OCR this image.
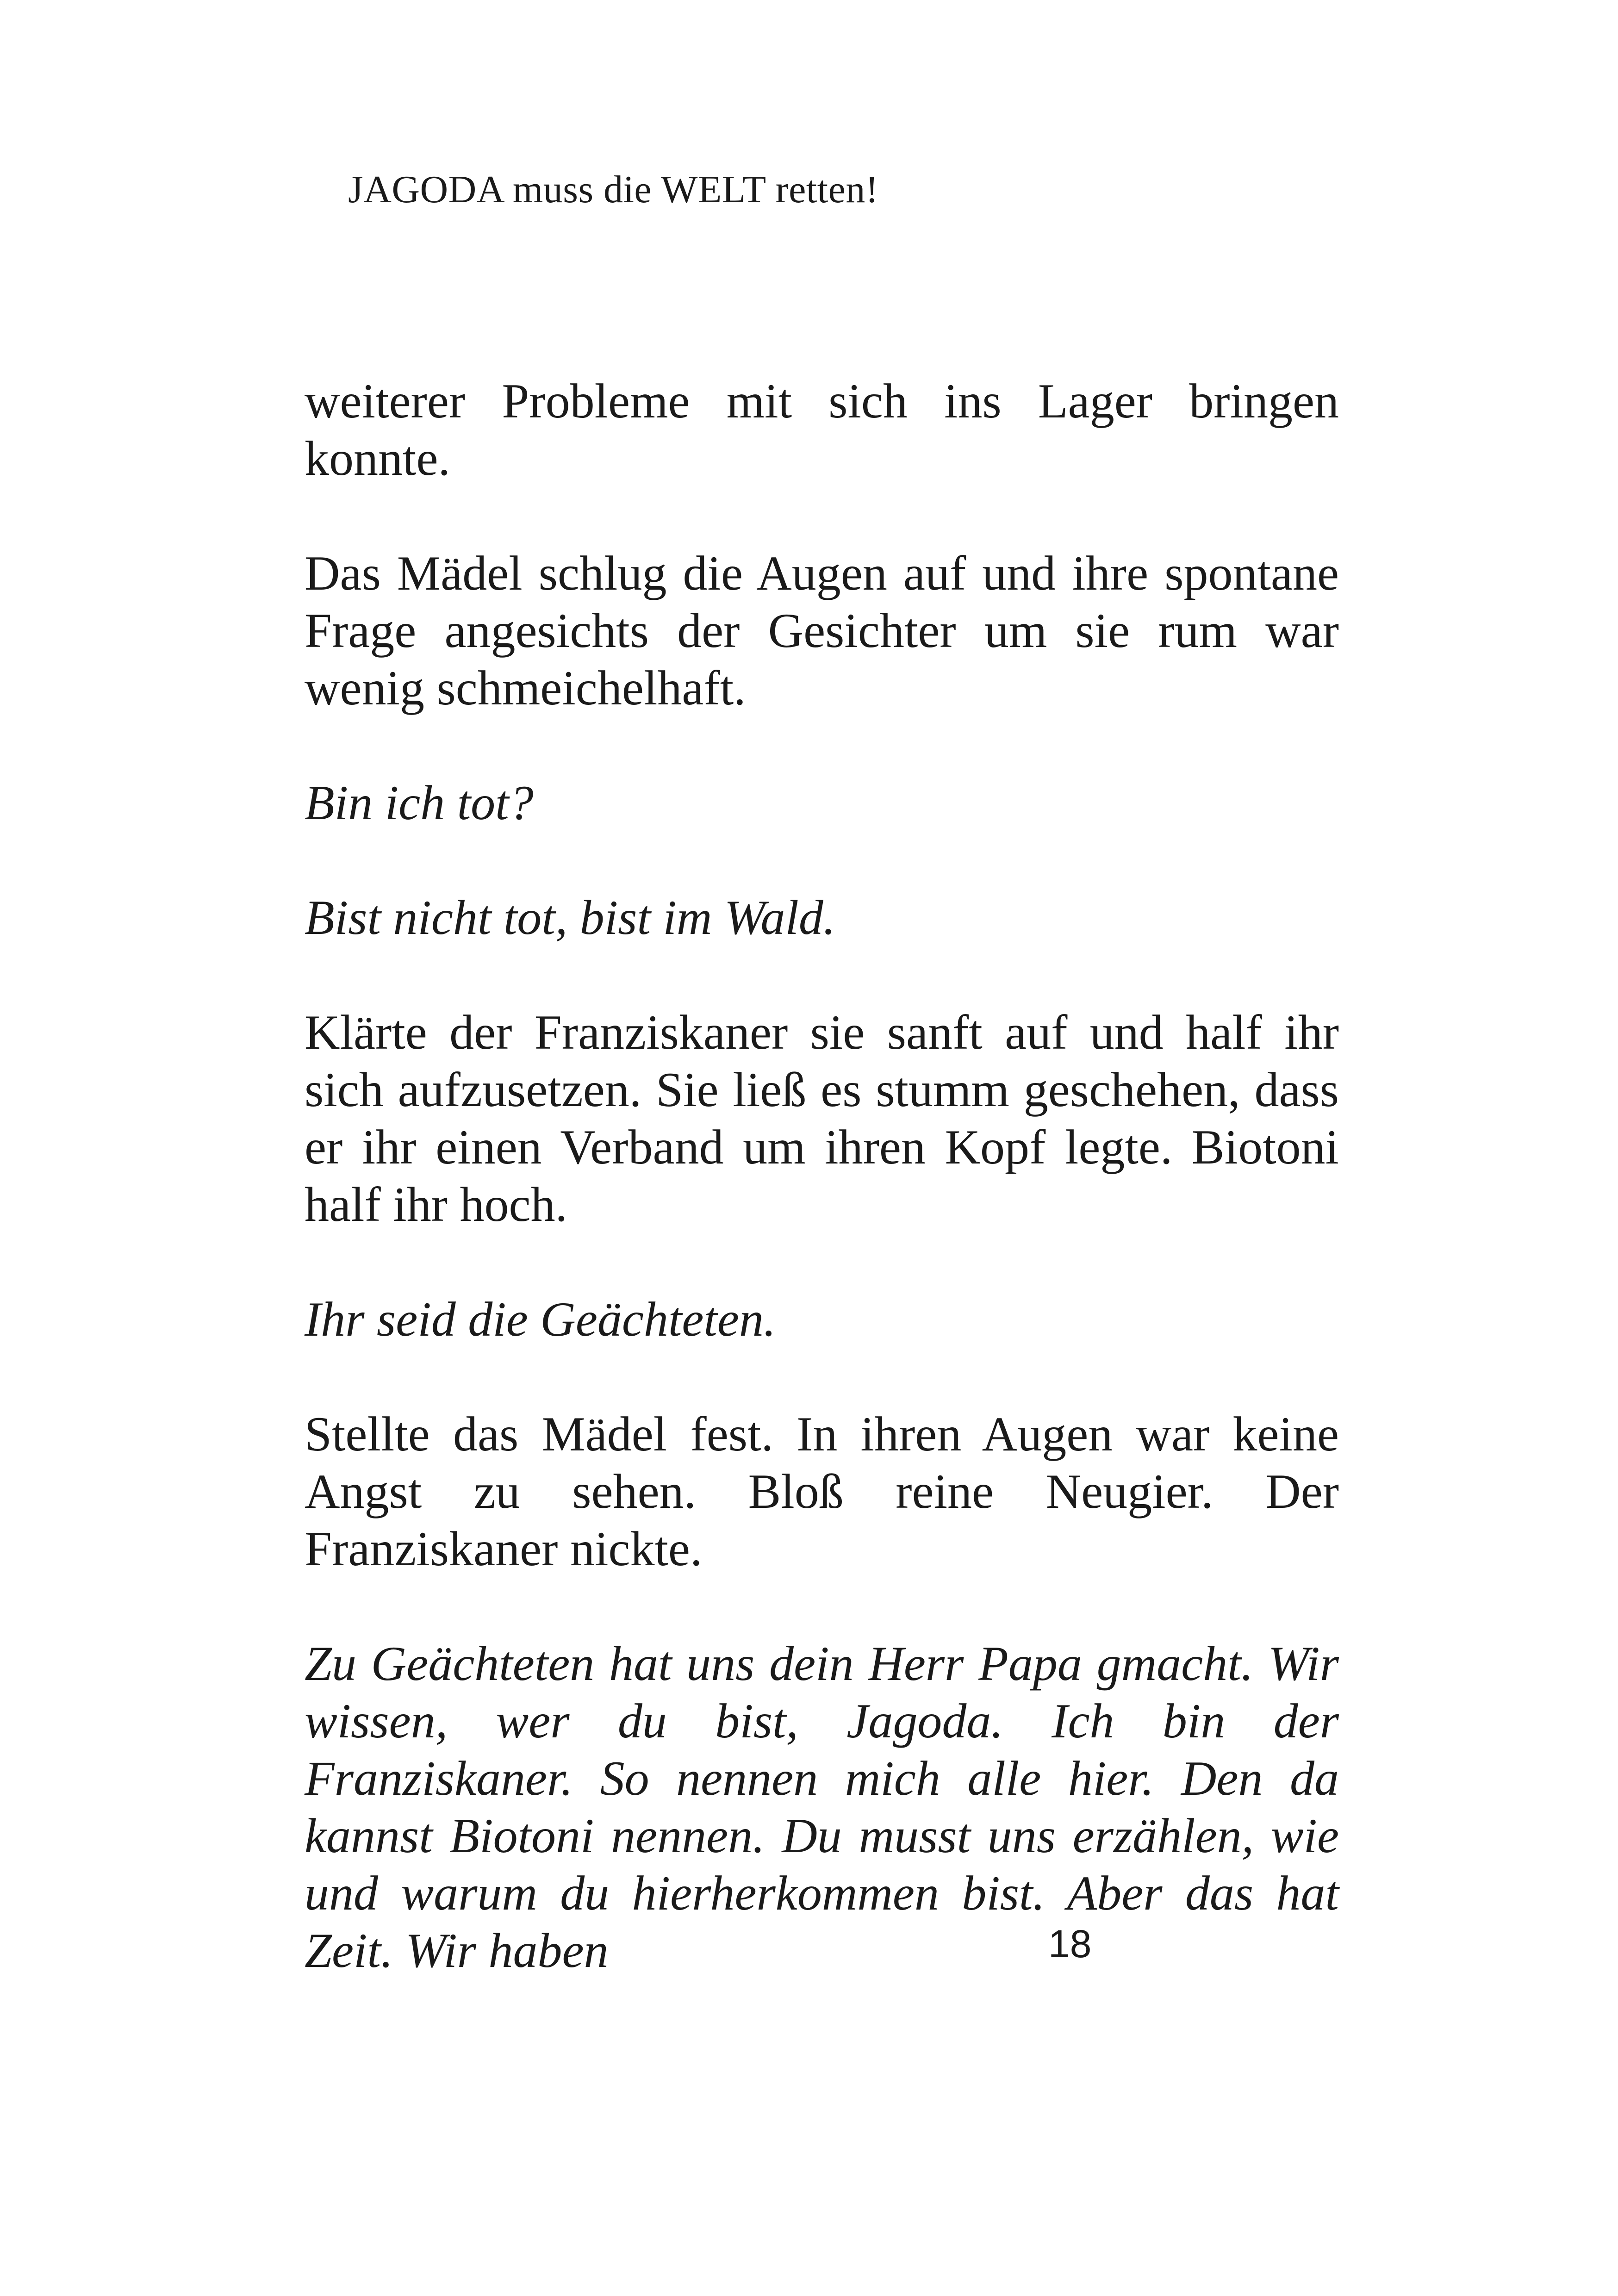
JAGODA muss die WELT retten!

weiterer Probleme mit sich ins Lager bringen konnte.

Das Mädel schlug die Augen auf und ihre spontane Frage angesichts der Gesichter um sie rum war wenig schmeichelhaft.

Bin ich tot?

Bist nicht tot, bist im Wald.

Klärte der Franziskaner sie sanft auf und half ihr sich aufzusetzen. Sie ließ es stumm geschehen, dass er ihr einen Verband um ihren Kopf legte. Biotoni half ihr hoch.

Ihr seid die Geächteten.

Stellte das Mädel fest. In ihren Augen war keine Angst zu sehen. Bloß reine Neugier. Der Franziskaner nickte.

Zu Geächteten hat uns dein Herr Papa gmacht. Wir wissen, wer du bist, Jagoda. Ich bin der Franziskaner. So nennen mich alle hier. Den da kannst Biotoni nennen. Du musst uns erzählen, wie und warum du hierherkommen bist. Aber das hat Zeit. Wir haben	18
